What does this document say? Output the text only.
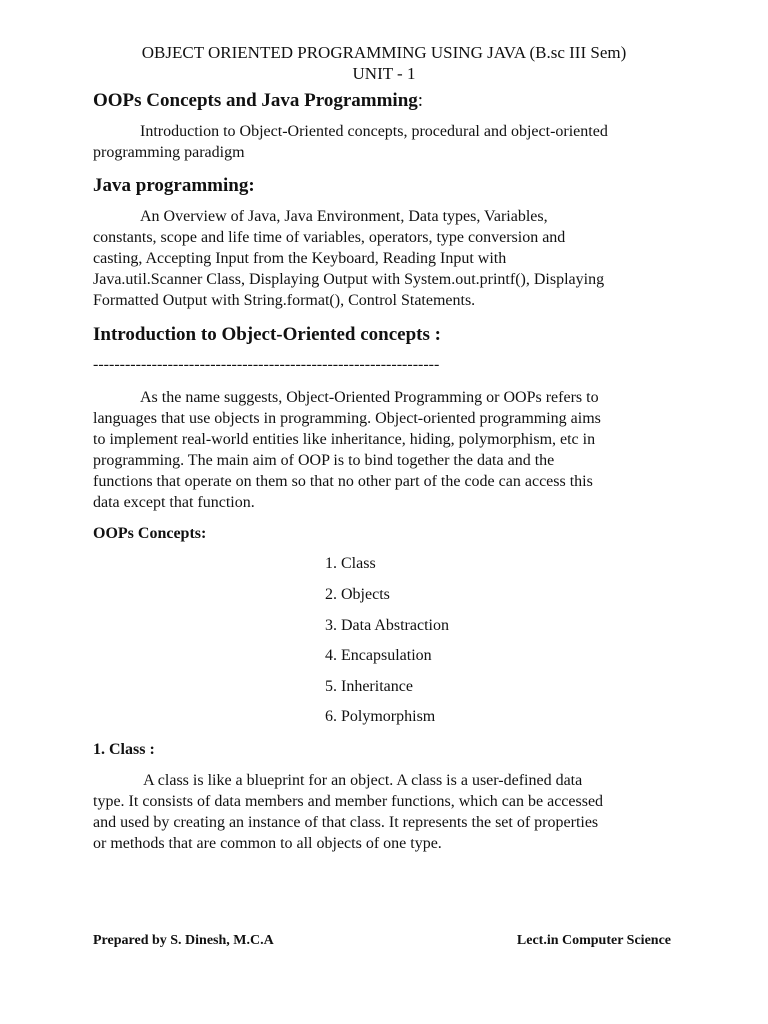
OBJECT ORIENTED PROGRAMMING USING JAVA (B.sc III Sem)
UNIT - 1
OOPs Concepts and Java Programming:
Introduction to Object-Oriented concepts, procedural and object-oriented
programming paradigm
Java programming:
An Overview of Java, Java Environment, Data types, Variables,
constants, scope and life time of variables, operators, type conversion and
casting, Accepting Input from the Keyboard, Reading Input with
Java.util.Scanner Class, Displaying Output with System.out.printf(), Displaying
Formatted Output with String.format(), Control Statements.
Introduction to Object-Oriented concepts :
-----------------------------------------------------------------
As the name suggests, Object-Oriented Programming or OOPs refers to
languages that use objects in programming. Object-oriented programming aims
to implement real-world entities like inheritance, hiding, polymorphism, etc in
programming. The main aim of OOP is to bind together the data and the
functions that operate on them so that no other part of the code can access this
data except that function.
OOPs Concepts:
1. Class
2. Objects
3. Data Abstraction
4. Encapsulation
5. Inheritance
6. Polymorphism
1. Class :
A class is like a blueprint for an object. A class is a user-defined data
type. It consists of data members and member functions, which can be accessed
and used by creating an instance of that class. It represents the set of properties
or methods that are common to all objects of one type.
Prepared by S. Dinesh, M.C.A	Lect.in Computer Science
